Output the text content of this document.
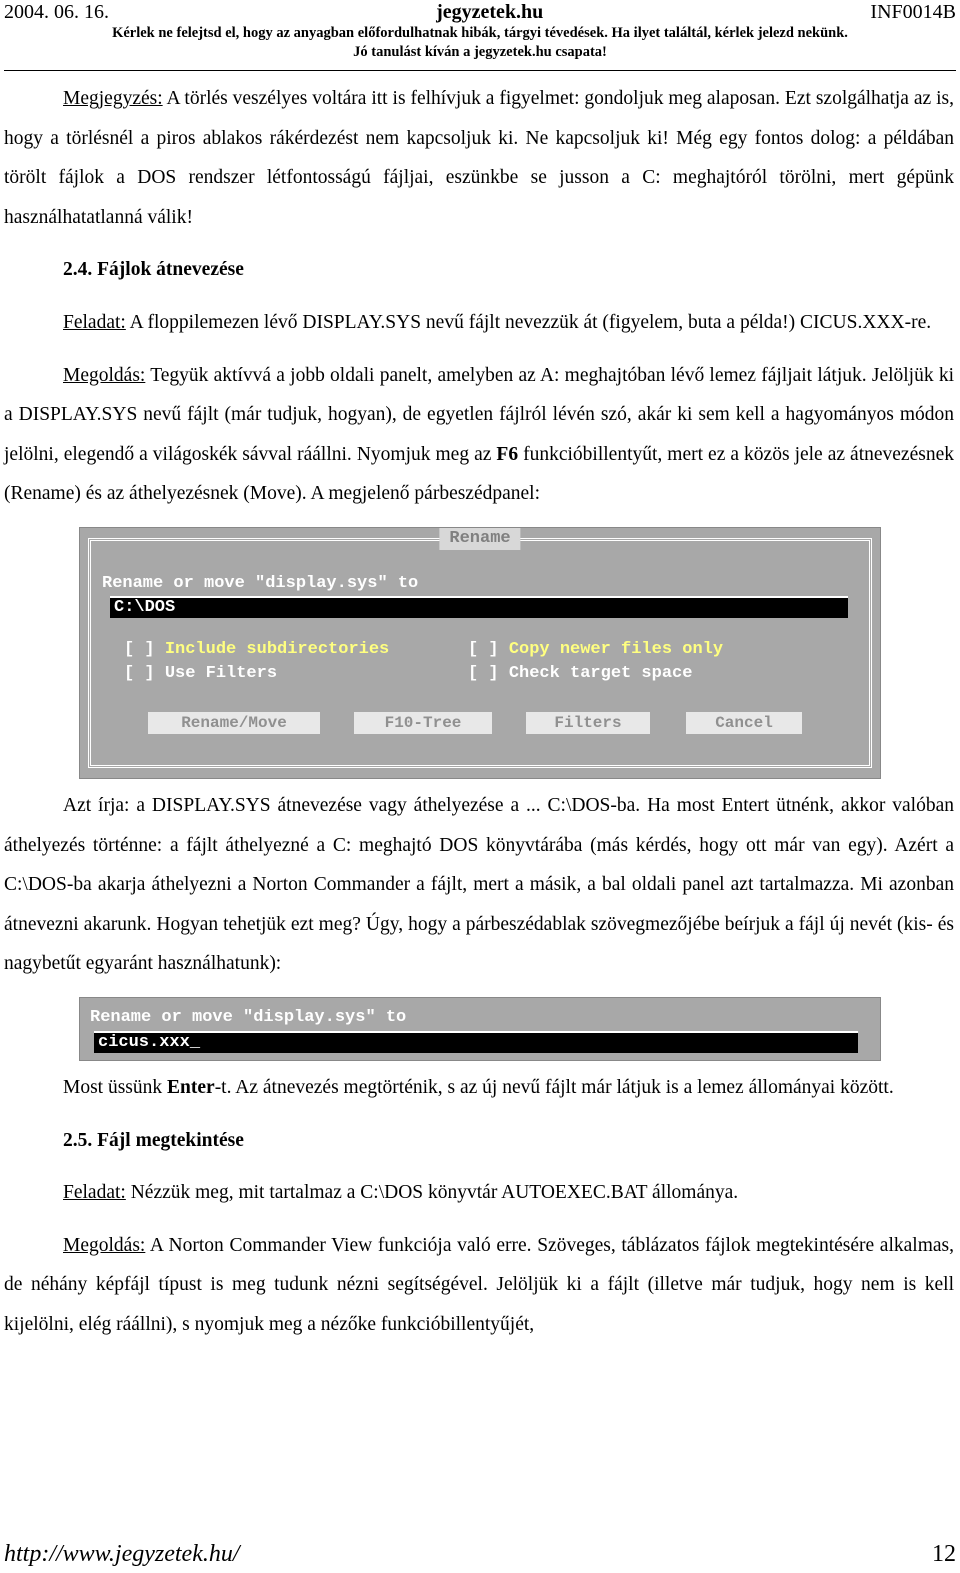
2004. 06. 16.	jegyzetek.hu	INF0014B
Kérlek ne felejtsd el, hogy az anyagban előfordulhatnak hibák, tárgyi tévedések. Ha ilyet találtál, kérlek jelezd nekünk.
Jó tanulást kíván a jegyzetek.hu csapata!

Megjegyzés: A törlés veszélyes voltára itt is felhívjuk a figyelmet: gondoljuk meg alaposan. Ezt szolgálhatja az is, hogy a törlésnél a piros ablakos rákérdezést nem kapcsoljuk ki. Ne kapcsoljuk ki! Még egy fontos dolog: a példában törölt fájlok a DOS rendszer létfontosságú fájljai, eszünkbe se jusson a C: meghajtóról törölni, mert gépünk használhatatlanná válik!

2.4. Fájlok átnevezése

Feladat: A floppilemezen lévő DISPLAY.SYS nevű fájlt nevezzük át (figyelem, buta a példa!) CICUS.XXX-re.

Megoldás: Tegyük aktívvá a jobb oldali panelt, amelyben az A: meghajtóban lévő lemez fájljait látjuk. Jelöljük ki a DISPLAY.SYS nevű fájlt (már tudjuk, hogyan), de egyetlen fájlról lévén szó, akár ki sem kell a hagyományos módon jelölni, elegendő a világoskék sávval ráállni. Nyomjuk meg az F6 funkcióbillentyűt, mert ez a közös jele az átnevezésnek (Rename) és az áthelyezésnek (Move). A megjelenő párbeszédpanel:

Rename
Rename or move "display.sys" to
C:\DOS
[ ] Include subdirectories	[ ] Copy newer files only
[ ] Use Filters	[ ] Check target space
Rename/Move	F10-Tree	Filters	Cancel

Azt írja: a DISPLAY.SYS átnevezése vagy áthelyezése a ... C:\DOS-ba. Ha most Entert ütnénk, akkor valóban áthelyezés történne: a fájlt áthelyezné a C: meghajtó DOS könyvtárába (más kérdés, hogy ott már van egy). Azért a C:\DOS-ba akarja áthelyezni a Norton Commander a fájlt, mert a másik, a bal oldali panel azt tartalmazza. Mi azonban átnevezni akarunk. Hogyan tehetjük ezt meg? Úgy, hogy a párbeszédablak szövegmezőjébe beírjuk a fájl új nevét (kis- és nagybetűt egyaránt használhatunk):

Rename or move "display.sys" to
cicus.xxx_

Most üssünk Enter-t. Az átnevezés megtörténik, s az új nevű fájlt már látjuk is a lemez állományai között.

2.5. Fájl megtekintése

Feladat: Nézzük meg, mit tartalmaz a C:\DOS könyvtár AUTOEXEC.BAT állománya.

Megoldás: A Norton Commander View funkciója való erre. Szöveges, táblázatos fájlok megtekintésére alkalmas, de néhány képfájl típust is meg tudunk nézni segítségével. Jelöljük ki a fájlt (illetve már tudjuk, hogy nem is kell kijelölni, elég ráállni), s nyomjuk meg a nézőke funkcióbillentyűjét,

http://www.jegyzetek.hu/	12
